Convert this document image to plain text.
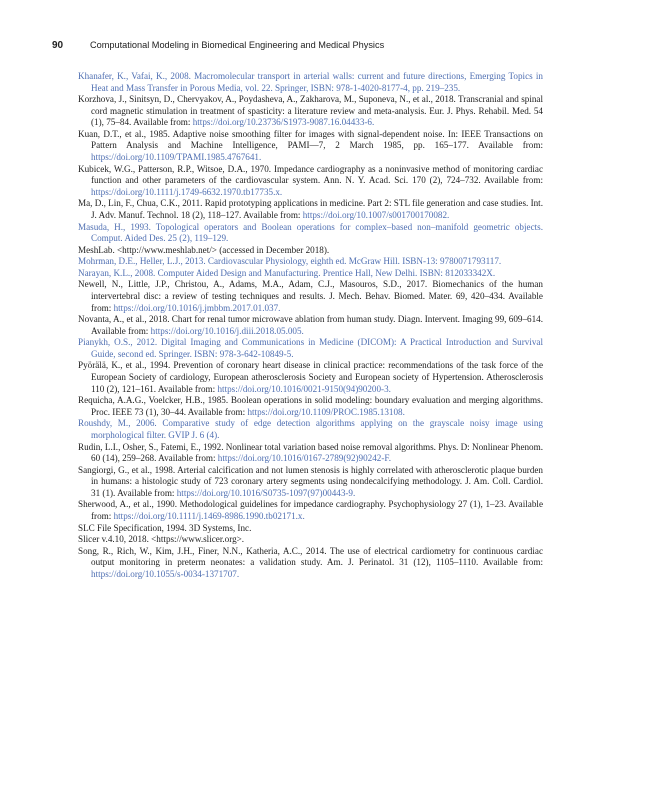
90	Computational Modeling in Biomedical Engineering and Medical Physics
Khanafer, K., Vafai, K., 2008. Macromolecular transport in arterial walls: current and future directions, Emerging Topics in Heat and Mass Transfer in Porous Media, vol. 22. Springer, ISBN: 978-1-4020-8177-4, pp. 219–235.
Korzhova, J., Sinitsyn, D., Chervyakov, A., Poydasheva, A., Zakharova, M., Suponeva, N., et al., 2018. Transcranial and spinal cord magnetic stimulation in treatment of spasticity: a literature review and meta-analysis. Eur. J. Phys. Rehabil. Med. 54 (1), 75–84. Available from: https://doi.org/10.23736/S1973-9087.16.04433-6.
Kuan, D.T., et al., 1985. Adaptive noise smoothing filter for images with signal-dependent noise. In: IEEE Transactions on Pattern Analysis and Machine Intelligence, PAMI—7, 2 March 1985, pp. 165–177. Available from: https://doi.org/10.1109/TPAMI.1985.4767641.
Kubicek, W.G., Patterson, R.P., Witsoe, D.A., 1970. Impedance cardiography as a noninvasive method of monitoring cardiac function and other parameters of the cardiovascular system. Ann. N. Y. Acad. Sci. 170 (2), 724–732. Available from: https://doi.org/10.1111/j.1749-6632.1970.tb17735.x.
Ma, D., Lin, F., Chua, C.K., 2011. Rapid prototyping applications in medicine. Part 2: STL file generation and case studies. Int. J. Adv. Manuf. Technol. 18 (2), 118–127. Available from: https://doi.org/10.1007/s001700170082.
Masuda, H., 1993. Topological operators and Boolean operations for complex–based non–manifold geometric objects. Comput. Aided Des. 25 (2), 119–129.
MeshLab. <http://www.meshlab.net/> (accessed in December 2018).
Mohrman, D.E., Heller, L.J., 2013. Cardiovascular Physiology, eighth ed. McGraw Hill. ISBN-13: 9780071793117.
Narayan, K.L., 2008. Computer Aided Design and Manufacturing. Prentice Hall, New Delhi. ISBN: 812033342X.
Newell, N., Little, J.P., Christou, A., Adams, M.A., Adam, C.J., Masouros, S.D., 2017. Biomechanics of the human intervertebral disc: a review of testing techniques and results. J. Mech. Behav. Biomed. Mater. 69, 420–434. Available from: https://doi.org/10.1016/j.jmbbm.2017.01.037.
Novanta, A., et al., 2018. Chart for renal tumor microwave ablation from human study. Diagn. Intervent. Imaging 99, 609–614. Available from: https://doi.org/10.1016/j.diii.2018.05.005.
Pianykh, O.S., 2012. Digital Imaging and Communications in Medicine (DICOM): A Practical Introduction and Survival Guide, second ed. Springer. ISBN: 978-3-642-10849-5.
Pyörälä, K., et al., 1994. Prevention of coronary heart disease in clinical practice: recommendations of the task force of the European Society of cardiology, European atherosclerosis Society and European society of Hypertension. Atherosclerosis 110 (2), 121–161. Available from: https://doi.org/10.1016/0021-9150(94)90200-3.
Requicha, A.A.G., Voelcker, H.B., 1985. Boolean operations in solid modeling: boundary evaluation and merging algorithms. Proc. IEEE 73 (1), 30–44. Available from: https://doi.org/10.1109/PROC.1985.13108.
Roushdy, M., 2006. Comparative study of edge detection algorithms applying on the grayscale noisy image using morphological filter. GVIP J. 6 (4).
Rudin, L.I., Osher, S., Fatemi, E., 1992. Nonlinear total variation based noise removal algorithms. Phys. D: Nonlinear Phenom. 60 (14), 259–268. Available from: https://doi.org/10.1016/0167-2789(92)90242-F.
Sangiorgi, G., et al., 1998. Arterial calcification and not lumen stenosis is highly correlated with atherosclerotic plaque burden in humans: a histologic study of 723 coronary artery segments using nondecalcifying methodology. J. Am. Coll. Cardiol. 31 (1). Available from: https://doi.org/10.1016/S0735-1097(97)00443-9.
Sherwood, A., et al., 1990. Methodological guidelines for impedance cardiography. Psychophysiology 27 (1), 1–23. Available from: https://doi.org/10.1111/j.1469-8986.1990.tb02171.x.
SLC File Specification, 1994. 3D Systems, Inc.
Slicer v.4.10, 2018. <https://www.slicer.org>.
Song, R., Rich, W., Kim, J.H., Finer, N.N., Katheria, A.C., 2014. The use of electrical cardiometry for continuous cardiac output monitoring in preterm neonates: a validation study. Am. J. Perinatol. 31 (12), 1105–1110. Available from: https://doi.org/10.1055/s-0034-1371707.
